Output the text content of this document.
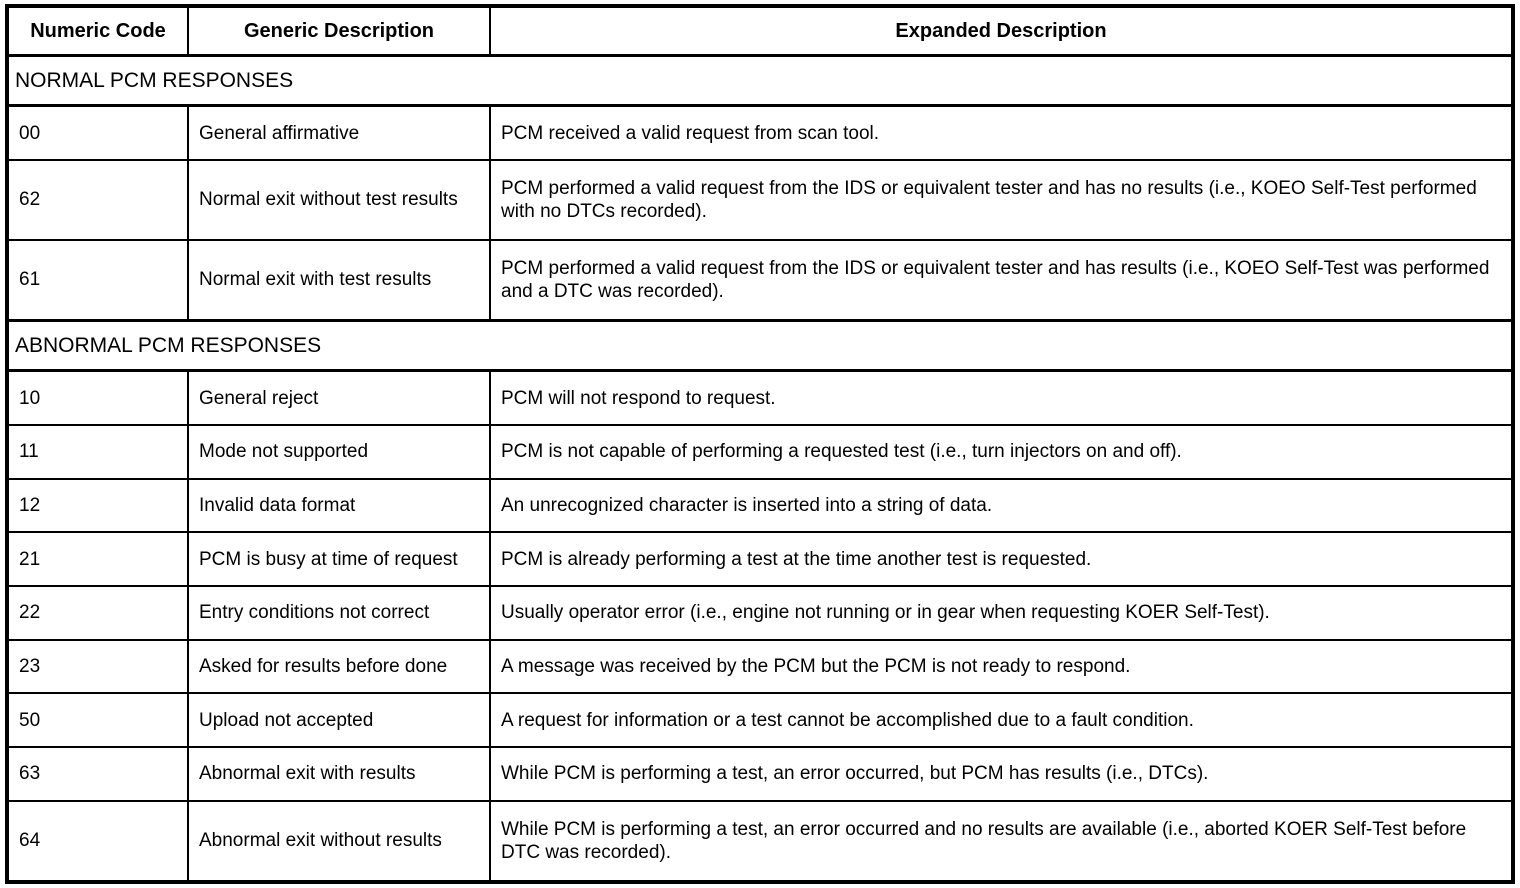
Numeric Code	Generic Description	Expanded Description
NORMAL PCM RESPONSES		
00	General affirmative	PCM received a valid request from scan tool.
62	Normal exit without test results	PCM performed a valid request from the IDS or equivalent tester and has no results (i.e., KOEO Self-Test performed with no DTCs recorded).
61	Normal exit with test results	PCM performed a valid request from the IDS or equivalent tester and has results (i.e., KOEO Self-Test was performed and a DTC was recorded).
ABNORMAL PCM RESPONSES		
10	General reject	PCM will not respond to request.
11	Mode not supported	PCM is not capable of performing a requested test (i.e., turn injectors on and off).
12	Invalid data format	An unrecognized character is inserted into a string of data.
21	PCM is busy at time of request	PCM is already performing a test at the time another test is requested.
22	Entry conditions not correct	Usually operator error (i.e., engine not running or in gear when requesting KOER Self-Test).
23	Asked for results before done	A message was received by the PCM but the PCM is not ready to respond.
50	Upload not accepted	A request for information or a test cannot be accomplished due to a fault condition.
63	Abnormal exit with results	While PCM is performing a test, an error occurred, but PCM has results (i.e., DTCs).
64	Abnormal exit without results	While PCM is performing a test, an error occurred and no results are available (i.e., aborted KOER Self-Test before DTC was recorded).
